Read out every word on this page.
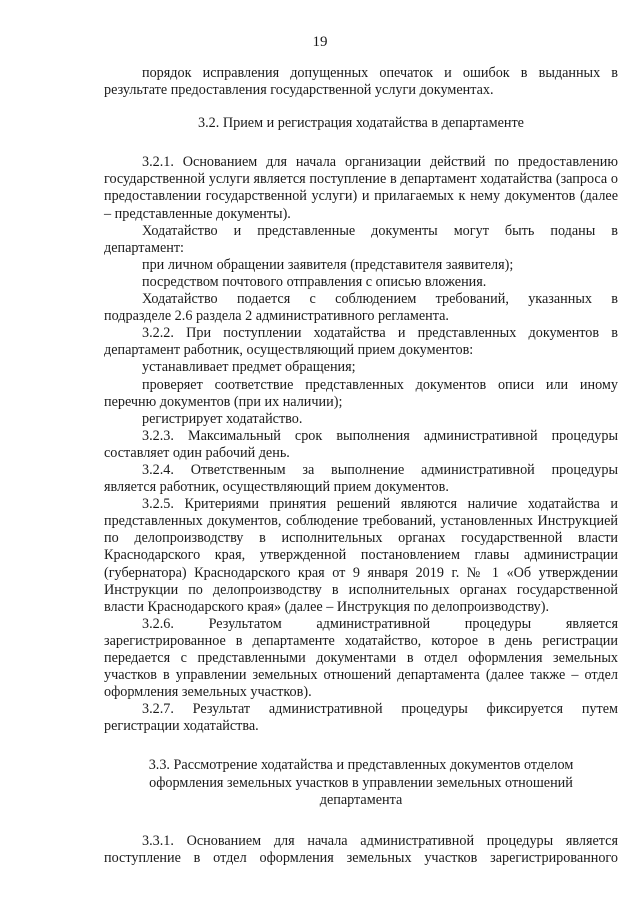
19

порядок исправления допущенных опечаток и ошибок в выданных в

результате предоставления государственной услуги документах.

3.2. Прием и регистрация ходатайства в департаменте

3.2.1. Основанием для начала организации действий по предоставлению

государственной услуги является поступление в департамент ходатайства (запроса о предоставлении государственной услуги) и прилагаемых к нему документов (далее – представленные документы).

Ходатайство и представленные документы могут быть поданы в

департамент:

при личном обращении заявителя (представителя заявителя);

посредством почтового отправления с описью вложения.

Ходатайство подается с соблюдением требований, указанных в

подразделе 2.6 раздела 2 административного регламента.

3.2.2. При поступлении ходатайства и представленных документов в

департамент работник, осуществляющий прием документов:

устанавливает предмет обращения;

проверяет соответствие представленных документов описи или иному

перечню документов (при их наличии);

регистрирует ходатайство.

3.2.3. Максимальный срок выполнения административной процедуры

составляет один рабочий день.

3.2.4. Ответственным за выполнение административной процедуры

является работник, осуществляющий прием документов.

3.2.5. Критериями принятия решений являются наличие ходатайства и

представленных документов, соблюдение требований, установленных Инструкцией по делопроизводству в исполнительных органах государственной власти Краснодарского края, утвержденной постановлением главы администрации (губернатора) Краснодарского края от 9 января 2019 г. № 1 «Об утверждении Инструкции по делопроизводству в исполнительных органах государственной власти Краснодарского края» (далее – Инструкция по делопроизводству).

3.2.6. Результатом административной процедуры является

зарегистрированное в департаменте ходатайство, которое в день регистрации передается с представленными документами в отдел оформления земельных участков в управлении земельных отношений департамента (далее также – отдел оформления земельных участков).

3.2.7. Результат административной процедуры фиксируется путем

регистрации ходатайства.

3.3. Рассмотрение ходатайства и представленных документов отделом
оформления земельных участков в управлении земельных отношений
департамента

3.3.1. Основанием для начала административной процедуры является

поступление в отдел оформления земельных участков зарегистрированного
